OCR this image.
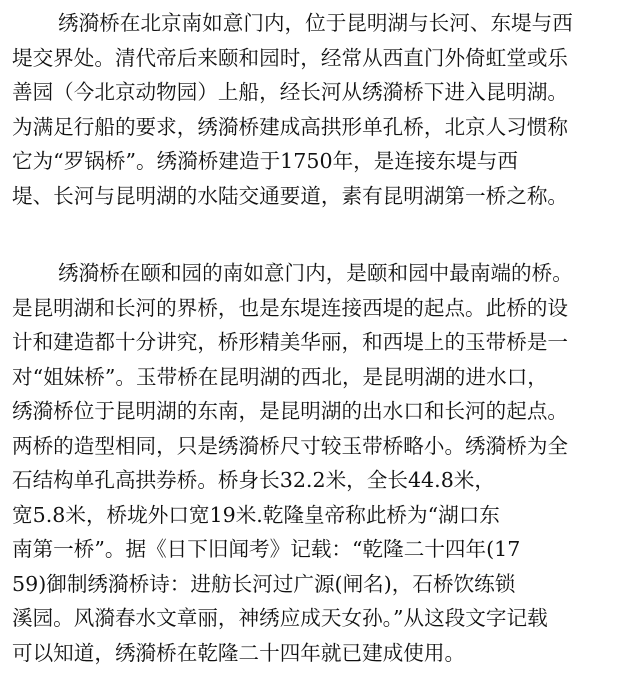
绣漪桥在北京南如意门内，位于昆明湖与长河、东堤与西
堤交界处。清代帝后来颐和园时，经常从西直门外倚虹堂或乐
善园（今北京动物园）上船，经长河从绣漪桥下进入昆明湖。
为满足行船的要求，绣漪桥建成高拱形单孔桥，北京人习惯称
它为“罗锅桥”。绣漪桥建造于1750年，是连接东堤与西
堤、长河与昆明湖的水陆交通要道，素有昆明湖第一桥之称。
绣漪桥在颐和园的南如意门内，是颐和园中最南端的桥。
是昆明湖和长河的界桥，也是东堤连接西堤的起点。此桥的设
计和建造都十分讲究，桥形精美华丽，和西堤上的玉带桥是一
对“姐妹桥”。玉带桥在昆明湖的西北，是昆明湖的进水口，
绣漪桥位于昆明湖的东南，是昆明湖的出水口和长河的起点。
两桥的造型相同，只是绣漪桥尺寸较玉带桥略小。绣漪桥为全
石结构单孔高拱券桥。桥身长32.2米，全长44.8米，
宽5.8米，桥垅外口宽19米.乾隆皇帝称此桥为“湖口东
南第一桥”。据《日下旧闻考》记载：“乾隆二十四年(17
59)御制绣漪桥诗：进舫长河过广源(闸名)，石桥饮练锁
溪园。风漪春水文章丽，神绣应成天女孙。”从这段文字记载
可以知道，绣漪桥在乾隆二十四年就已建成使用。
